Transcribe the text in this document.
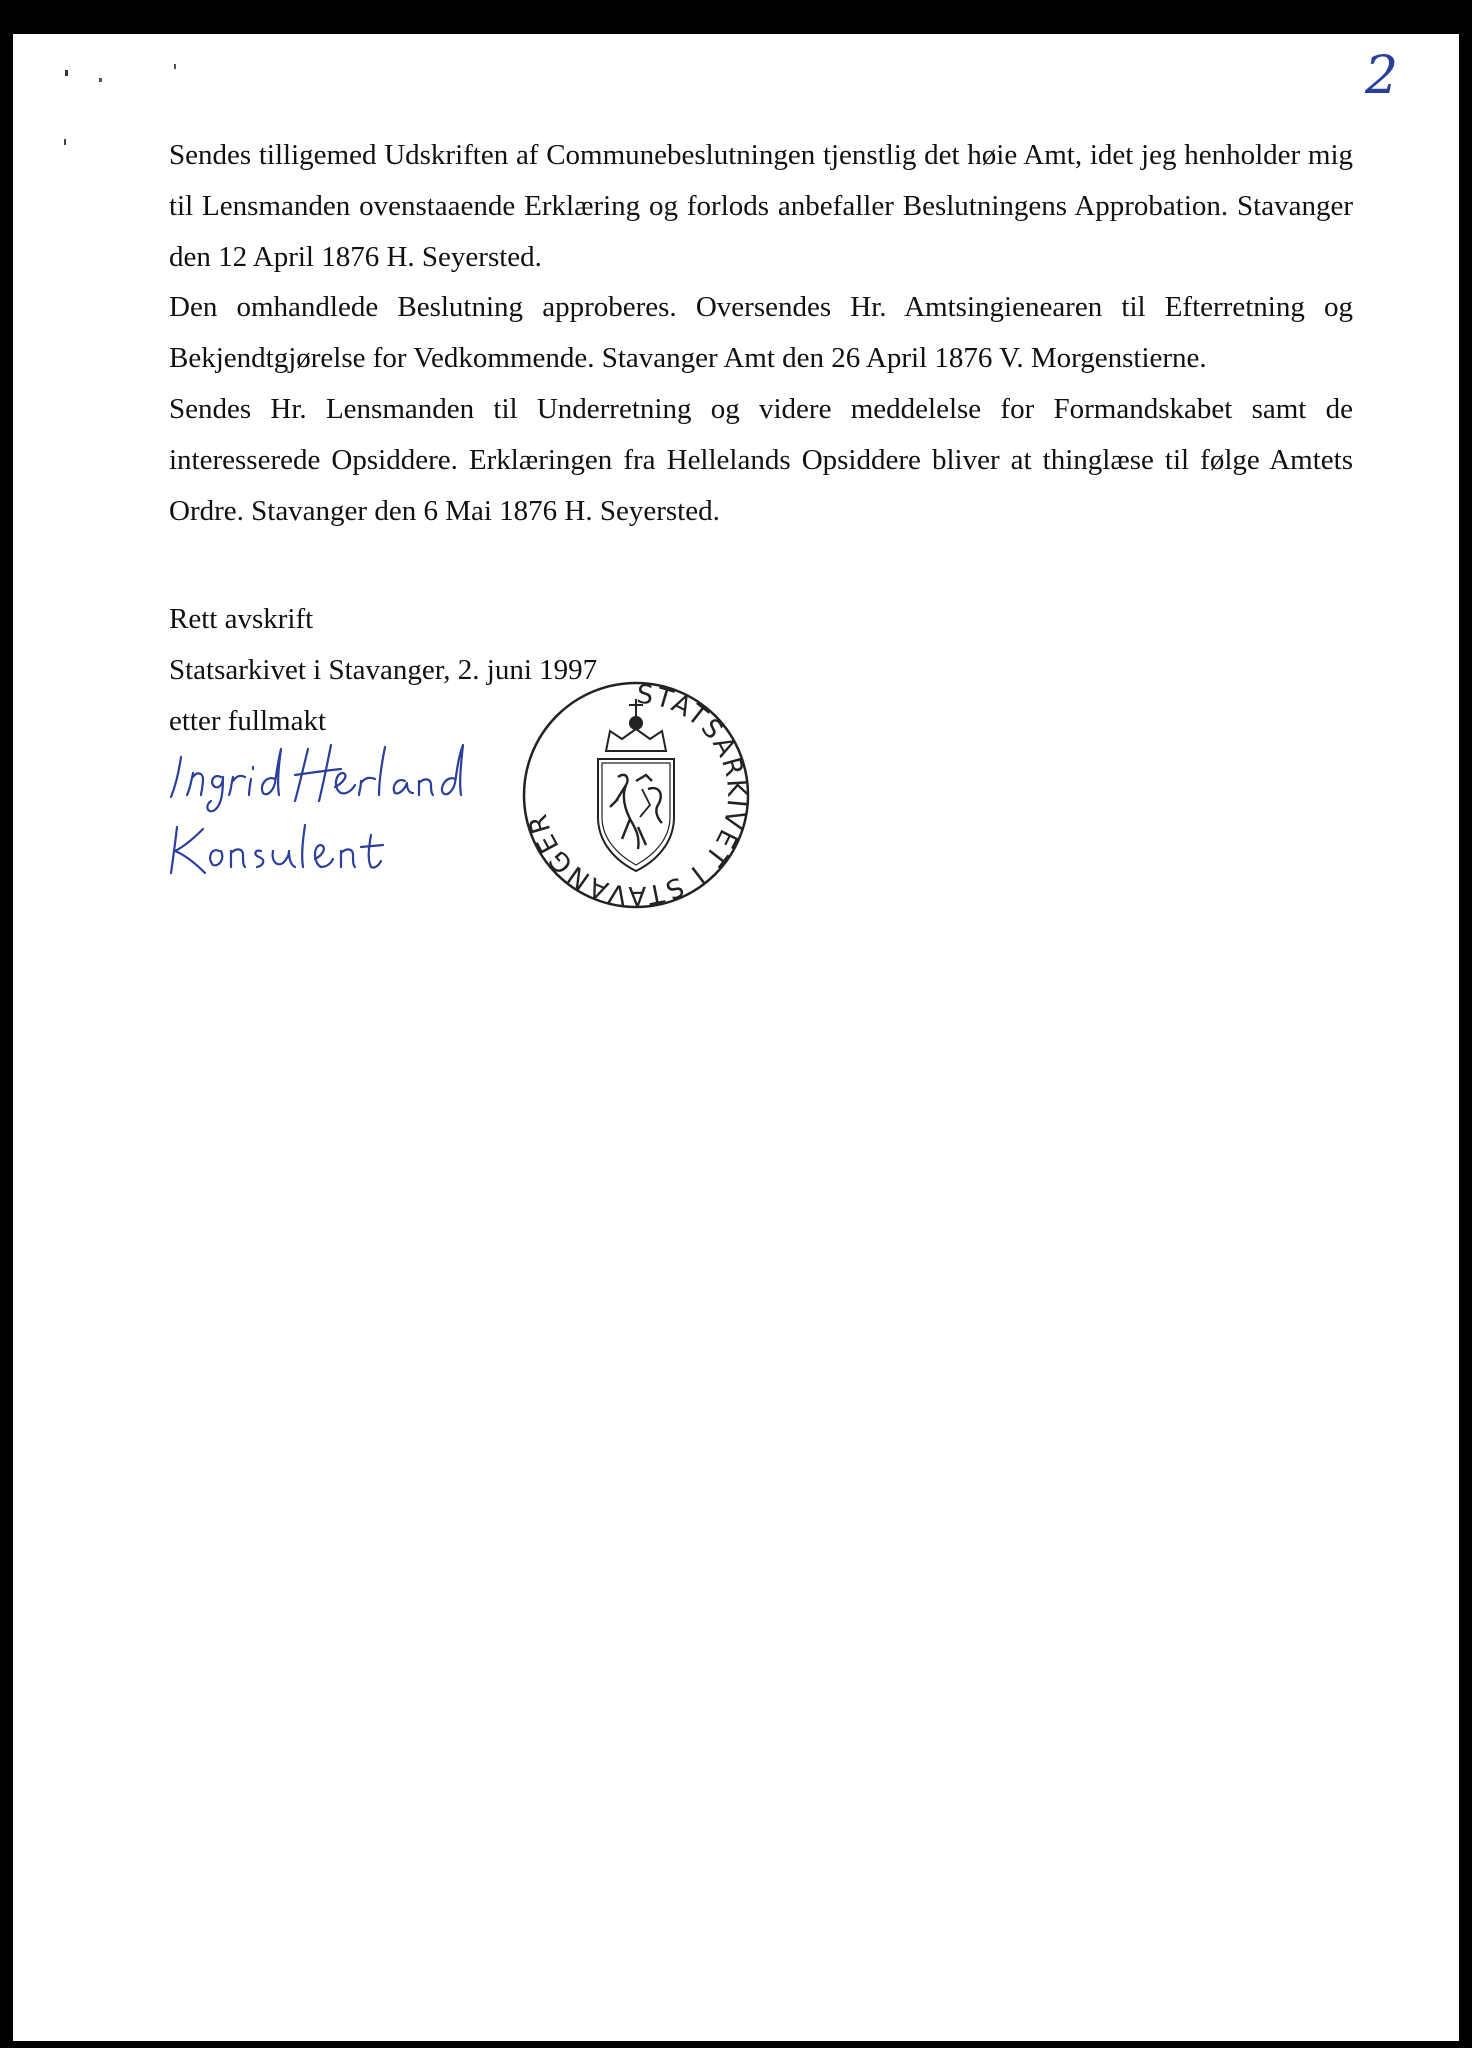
2
Sendes tilligemed Udskriften af Communebeslutningen tjenstlig det høie Amt, idet jeg henholder mig til Lensmanden ovenstaaende Erklæring og forlods anbefaller Beslutningens Approbation. Stavanger den 12 April 1876 H. Seyersted.
Den omhandlede Beslutning approberes. Oversendes Hr. Amtsingienearen til Efterretning og Bekjendtgjørelse for Vedkommende. Stavanger Amt den 26 April 1876 V. Morgenstierne.
Sendes Hr. Lensmanden til Underretning og videre meddelelse for Formandskabet samt de interesserede Opsiddere. Erklæringen fra Hellelands Opsiddere bliver at thinglæse til følge Amtets Ordre. Stavanger den 6 Mai 1876 H. Seyersted.
Rett avskrift
Statsarkivet i Stavanger, 2. juni 1997
etter fullmakt
STATSARKIVET I STAVANGER
